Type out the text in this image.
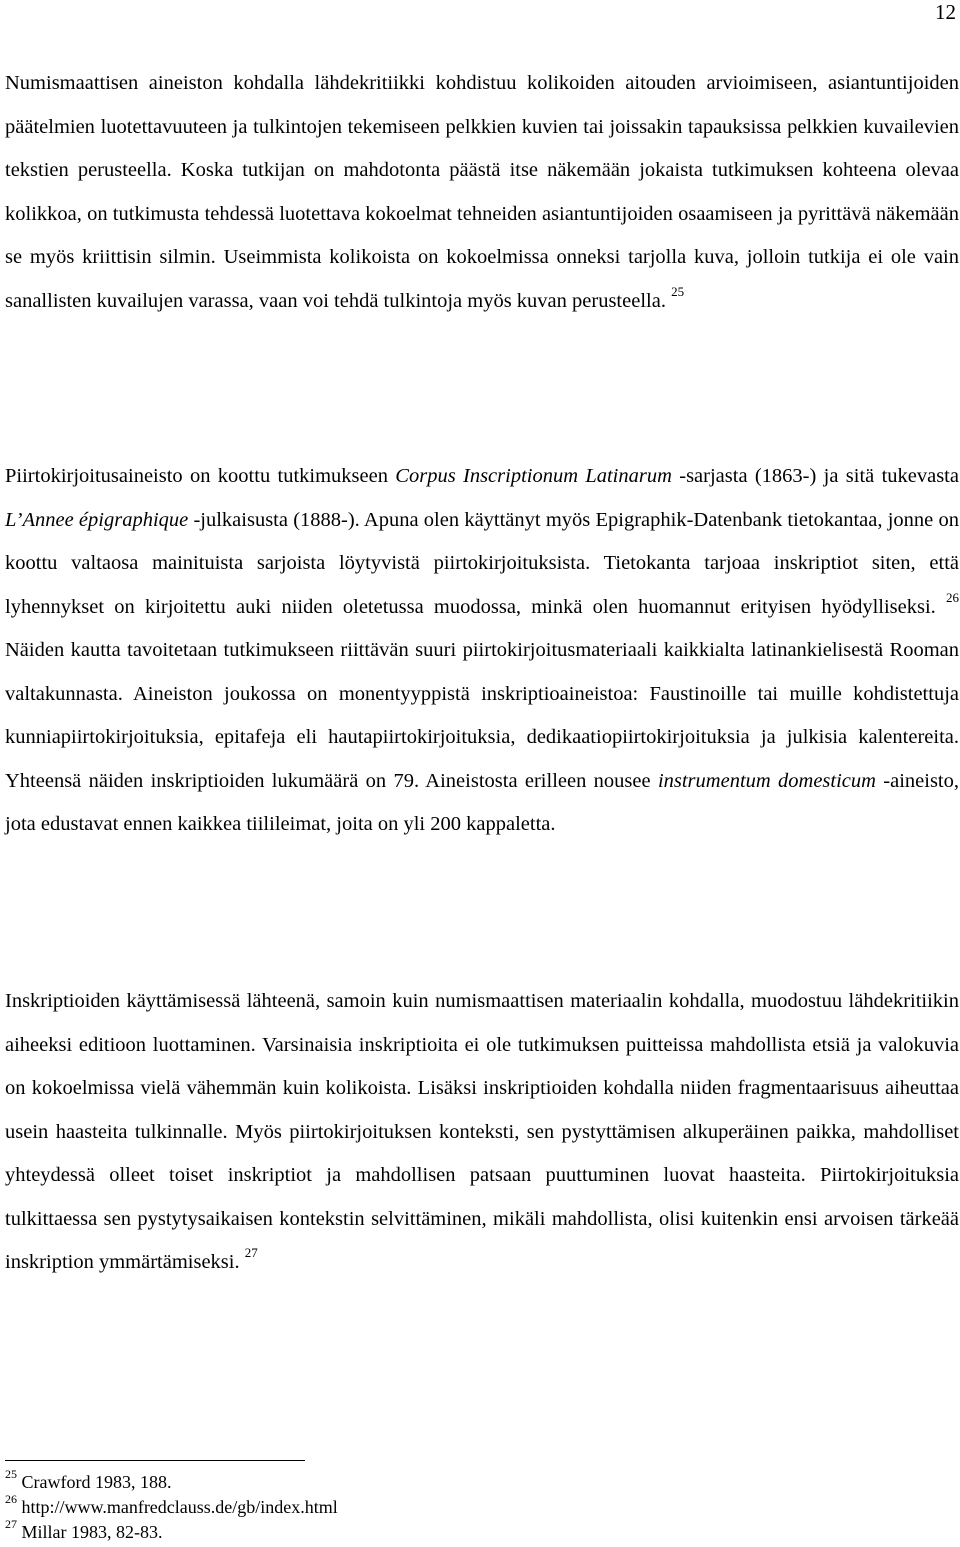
12

Numismaattisen aineiston kohdalla lähdekritiikki kohdistuu kolikoiden aitouden arvioimiseen, asiantuntijoiden päätelmien luotettavuuteen ja tulkintojen tekemiseen pelkkien kuvien tai joissakin tapauksissa pelkkien kuvailevien tekstien perusteella. Koska tutkijan on mahdotonta päästä itse näkemään jokaista tutkimuksen kohteena olevaa kolikkoa, on tutkimusta tehdessä luotettava kokoelmat tehneiden asiantuntijoiden osaamiseen ja pyrittävä näkemään se myös kriittisin silmin. Useimmista kolikoista on kokoelmissa onneksi tarjolla kuva, jolloin tutkija ei ole vain sanallisten kuvailujen varassa, vaan voi tehdä tulkintoja myös kuvan perusteella. $^{25}$

Piirtokirjoitusaineisto on koottu tutkimukseen Corpus Inscriptionum Latinarum -sarjasta (1863-) ja sitä tukevasta L’Annee épigraphique -julkaisusta (1888-). Apuna olen käyttänyt myös Epigraphik-Datenbank tietokantaa, jonne on koottu valtaosa mainituista sarjoista löytyvistä piirtokirjoituksista. Tietokanta tarjoaa inskriptiot siten, että lyhennykset on kirjoitettu auki niiden oletetussa muodossa, minkä olen huomannut erityisen hyödylliseksi. $^{26}$ Näiden kautta tavoitetaan tutkimukseen riittävän suuri piirtokirjoitusmateriaali kaikkialta latinankielisestä Rooman valtakunnasta. Aineiston joukossa on monentyyppistä inskriptioaineistoa: Faustinoille tai muille kohdistettuja kunniapiirtokirjoituksia, epitafeja eli hautapiirtokirjoituksia, dedikaatiopiirtokirjoituksia ja julkisia kalentereita. Yhteensä näiden inskriptioiden lukumäärä on 79. Aineistosta erilleen nousee instrumentum domesticum -aineisto, jota edustavat ennen kaikkea tiilileimat, joita on yli 200 kappaletta.

Inskriptioiden käyttämisessä lähteenä, samoin kuin numismaattisen materiaalin kohdalla, muodostuu lähdekritiikin aiheeksi editioon luottaminen. Varsinaisia inskriptioita ei ole tutkimuksen puitteissa mahdollista etsiä ja valokuvia on kokoelmissa vielä vähemmän kuin kolikoista. Lisäksi inskriptioiden kohdalla niiden fragmentaarisuus aiheuttaa usein haasteita tulkinnalle. Myös piirtokirjoituksen konteksti, sen pystyttämisen alkuperäinen paikka, mahdolliset yhteydessä olleet toiset inskriptiot ja mahdollisen patsaan puuttuminen luovat haasteita. Piirtokirjoituksia tulkittaessa sen pystytysaikaisen kontekstin selvittäminen, mikäli mahdollista, olisi kuitenkin ensi arvoisen tärkeää inskription ymmärtämiseksi. $^{27}$

$^{25}$ Crawford 1983, 188.
$^{26}$ http://www.manfredclauss.de/gb/index.html
$^{27}$ Millar 1983, 82-83.
